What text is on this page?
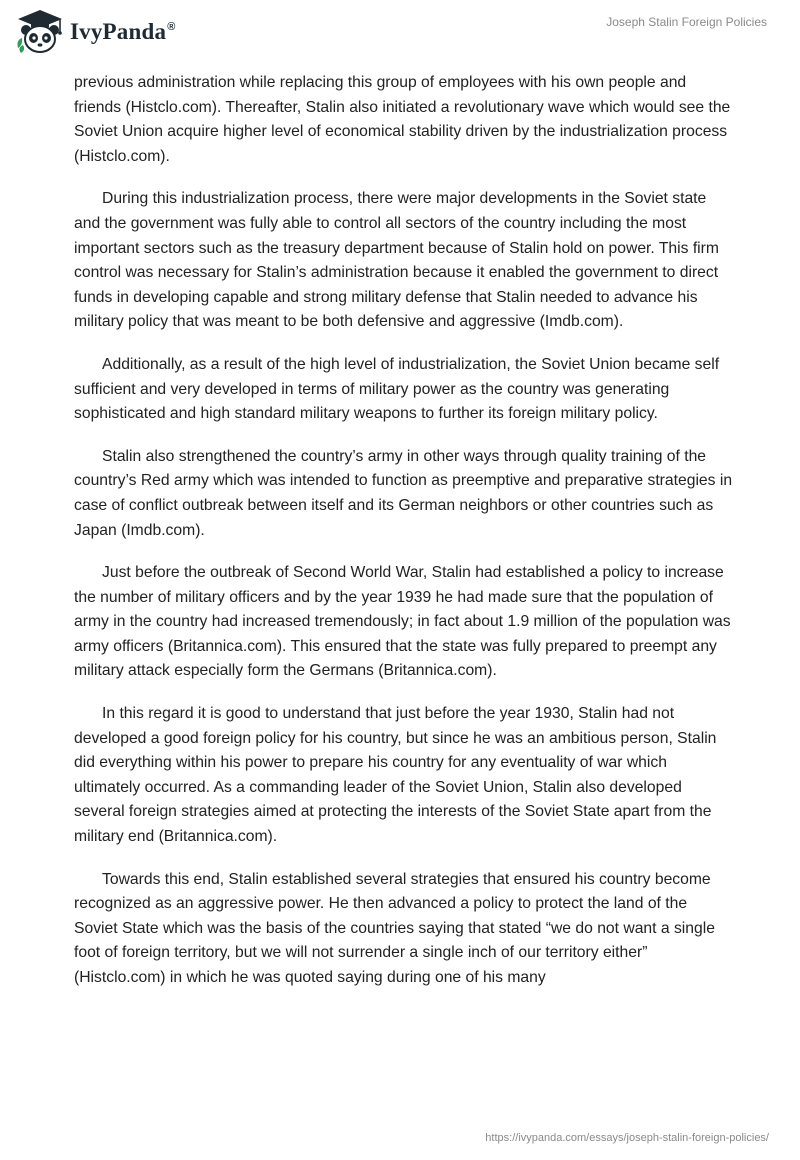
IvyPanda®	Joseph Stalin Foreign Policies

previous administration while replacing this group of employees with his own people and friends (Histclo.com). Thereafter, Stalin also initiated a revolutionary wave which would see the Soviet Union acquire higher level of economical stability driven by the industrialization process (Histclo.com).

During this industrialization process, there were major developments in the Soviet state and the government was fully able to control all sectors of the country including the most important sectors such as the treasury department because of Stalin hold on power. This firm control was necessary for Stalin’s administration because it enabled the government to direct funds in developing capable and strong military defense that Stalin needed to advance his military policy that was meant to be both defensive and aggressive (Imdb.com).

Additionally, as a result of the high level of industrialization, the Soviet Union became self sufficient and very developed in terms of military power as the country was generating sophisticated and high standard military weapons to further its foreign military policy.

Stalin also strengthened the country’s army in other ways through quality training of the country’s Red army which was intended to function as preemptive and preparative strategies in case of conflict outbreak between itself and its German neighbors or other countries such as Japan (Imdb.com).

Just before the outbreak of Second World War, Stalin had established a policy to increase the number of military officers and by the year 1939 he had made sure that the population of army in the country had increased tremendously; in fact about 1.9 million of the population was army officers (Britannica.com). This ensured that the state was fully prepared to preempt any military attack especially form the Germans (Britannica.com).

In this regard it is good to understand that just before the year 1930, Stalin had not developed a good foreign policy for his country, but since he was an ambitious person, Stalin did everything within his power to prepare his country for any eventuality of war which ultimately occurred. As a commanding leader of the Soviet Union, Stalin also developed several foreign strategies aimed at protecting the interests of the Soviet State apart from the military end (Britannica.com).

Towards this end, Stalin established several strategies that ensured his country become recognized as an aggressive power. He then advanced a policy to protect the land of the Soviet State which was the basis of the countries saying that stated “we do not want a single foot of foreign territory, but we will not surrender a single inch of our territory either” (Histclo.com) in which he was quoted saying during one of his many

https://ivypanda.com/essays/joseph-stalin-foreign-policies/
